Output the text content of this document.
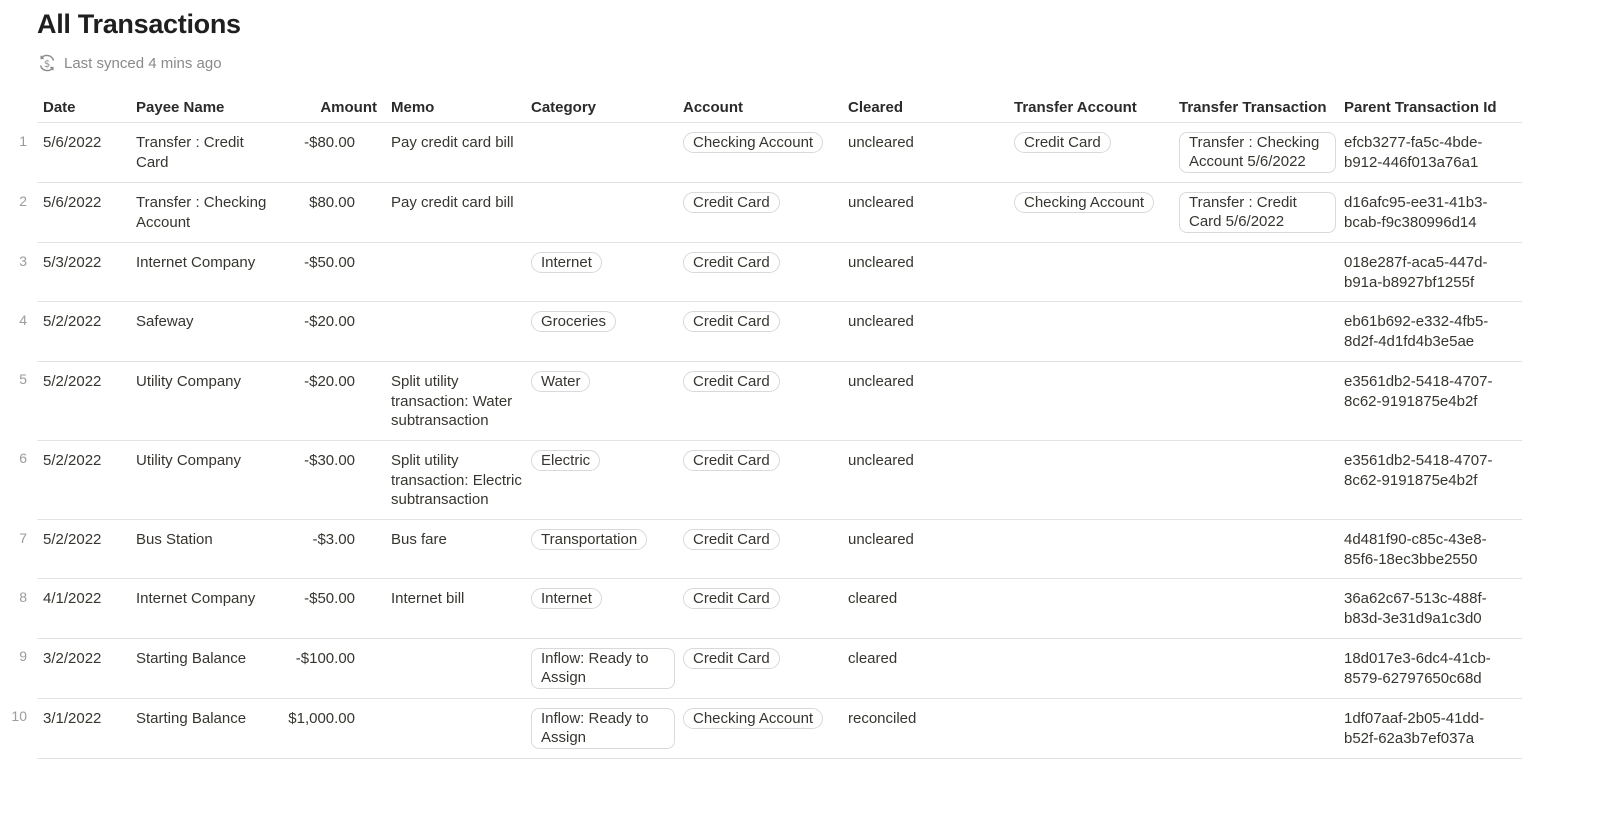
All Transactions
$ Last synced 4 mins ago
	Date	Payee Name	Amount	Memo	Category	Account	Cleared	Transfer Account	Transfer Transaction	Parent Transaction Id
1	5/6/2022	Transfer : Credit Card	-$80.00	Pay credit card bill		Checking Account	uncleared	Credit Card	Transfer : Checking Account 5/6/2022	efcb3277-fa5c-4bde-b912-446f013a76a1
2	5/6/2022	Transfer : Checking Account	$80.00	Pay credit card bill		Credit Card	uncleared	Checking Account	Transfer : Credit Card 5/6/2022	d16afc95-ee31-41b3-bcab-f9c380996d14
3	5/3/2022	Internet Company	-$50.00		Internet	Credit Card	uncleared			018e287f-aca5-447d-b91a-b8927bf1255f
4	5/2/2022	Safeway	-$20.00		Groceries	Credit Card	uncleared			eb61b692-e332-4fb5-8d2f-4d1fd4b3e5ae
5	5/2/2022	Utility Company	-$20.00	Split utility transaction: Water subtransaction	Water	Credit Card	uncleared			e3561db2-5418-4707-8c62-9191875e4b2f
6	5/2/2022	Utility Company	-$30.00	Split utility transaction: Electric subtransaction	Electric	Credit Card	uncleared			e3561db2-5418-4707-8c62-9191875e4b2f
7	5/2/2022	Bus Station	-$3.00	Bus fare	Transportation	Credit Card	uncleared			4d481f90-c85c-43e8-85f6-18ec3bbe2550
8	4/1/2022	Internet Company	-$50.00	Internet bill	Internet	Credit Card	cleared			36a62c67-513c-488f-b83d-3e31d9a1c3d0
9	3/2/2022	Starting Balance	-$100.00		Inflow: Ready to Assign	Credit Card	cleared			18d017e3-6dc4-41cb-8579-62797650c68d
10	3/1/2022	Starting Balance	$1,000.00		Inflow: Ready to Assign	Checking Account	reconciled			1df07aaf-2b05-41dd-b52f-62a3b7ef037a
